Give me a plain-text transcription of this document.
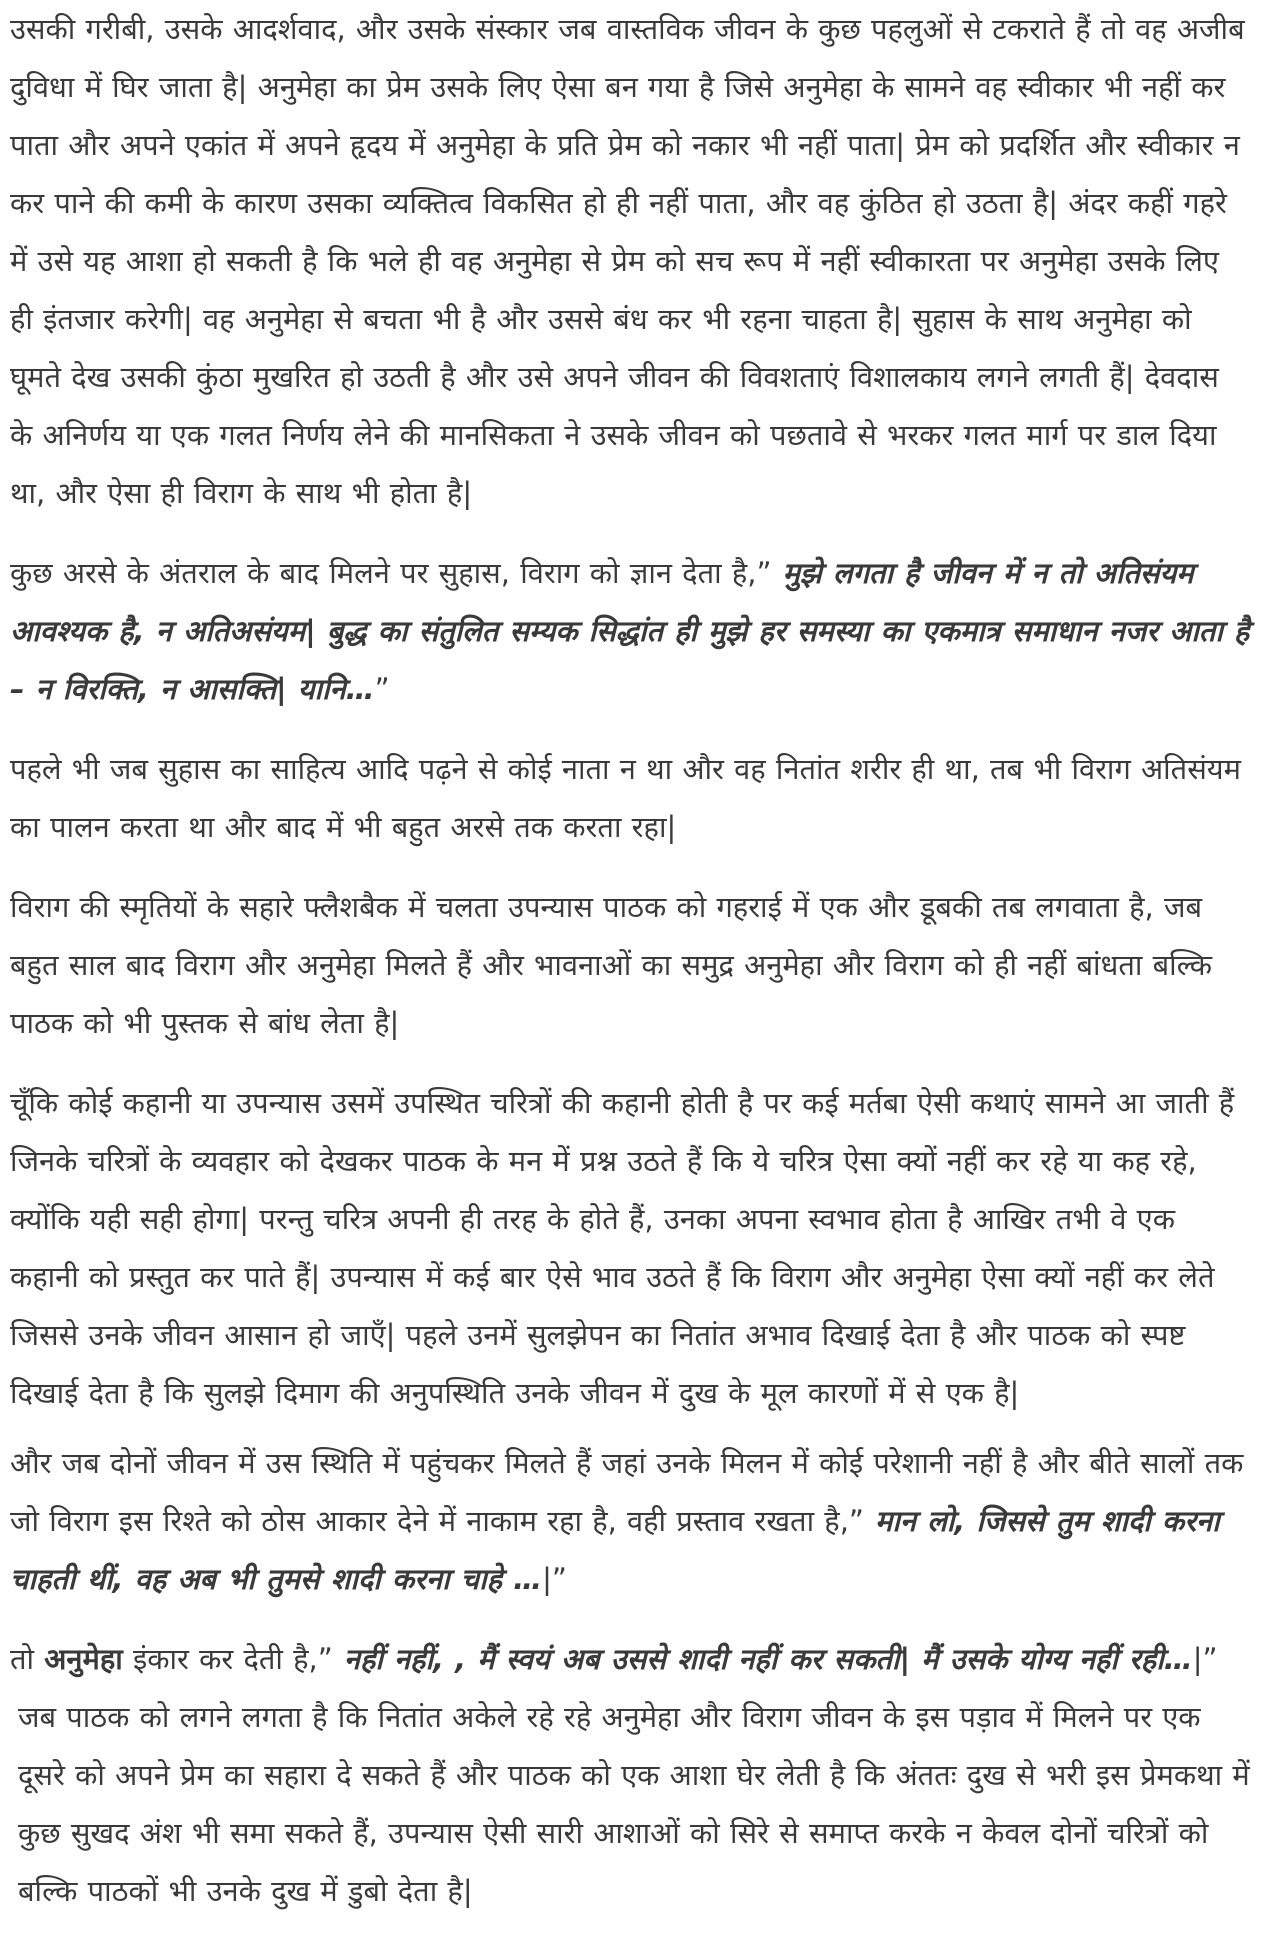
उसकी गरीबी, उसके आदर्शवाद, और उसके संस्कार जब वास्तविक जीवन के कुछ पहलुओं से टकराते हैं तो वह अजीब दुविधा में घिर जाता है| अनुमेहा का प्रेम उसके लिए ऐसा बन गया है जिसे अनुमेहा के सामने वह स्वीकार भी नहीं कर पाता और अपने एकांत में अपने हृदय में अनुमेहा के प्रति प्रेम को नकार भी नहीं पाता| प्रेम को प्रदर्शित और स्वीकार न कर पाने की कमी के कारण उसका व्यक्तित्व विकसित हो ही नहीं पाता, और वह कुंठित हो उठता है| अंदर कहीं गहरे में उसे यह आशा हो सकती है कि भले ही वह अनुमेहा से प्रेम को सच रूप में नहीं स्वीकारता पर अनुमेहा उसके लिए ही इंतजार करेगी| वह अनुमेहा से बचता भी है और उससे बंध कर भी रहना चाहता है| सुहास के साथ अनुमेहा को घूमते देख उसकी कुंठा मुखरित हो उठती है और उसे अपने जीवन की विवशताएं विशालकाय लगने लगती हैं| देवदास के अनिर्णय या एक गलत निर्णय लेने की मानसिकता ने उसके जीवन को पछतावे से भरकर गलत मार्ग पर डाल दिया था, और ऐसा ही विराग के साथ भी होता है|

कुछ अरसे के अंतराल के बाद मिलने पर सुहास, विराग को ज्ञान देता है,” मुझे लगता है जीवन में न तो अतिसंयम आवश्यक है, न अतिअसंयम| बुद्ध का संतुलित सम्यक सिद्धांत ही मुझे हर समस्या का एकमात्र समाधान नजर आता है – न विरक्ति, न आसक्ति| यानि…”

पहले भी जब सुहास का साहित्य आदि पढ़ने से कोई नाता न था और वह नितांत शरीर ही था, तब भी विराग अतिसंयम का पालन करता था और बाद में भी बहुत अरसे तक करता रहा|

विराग की स्मृतियों के सहारे फ्लैशबैक में चलता उपन्यास पाठक को गहराई में एक और डूबकी तब लगवाता है, जब बहुत साल बाद विराग और अनुमेहा मिलते हैं और भावनाओं का समुद्र अनुमेहा और विराग को ही नहीं बांधता बल्कि पाठक को भी पुस्तक से बांध लेता है|

चूँकि कोई कहानी या उपन्यास उसमें उपस्थित चरित्रों की कहानी होती है पर कई मर्तबा ऐसी कथाएं सामने आ जाती हैं जिनके चरित्रों के व्यवहार को देखकर पाठक के मन में प्रश्न उठते हैं कि ये चरित्र ऐसा क्यों नहीं कर रहे या कह रहे, क्योंकि यही सही होगा| परन्तु चरित्र अपनी ही तरह के होते हैं, उनका अपना स्वभाव होता है आखिर तभी वे एक कहानी को प्रस्तुत कर पाते हैं| उपन्यास में कई बार ऐसे भाव उठते हैं कि विराग और अनुमेहा ऐसा क्यों नहीं कर लेते जिससे उनके जीवन आसान हो जाएँ| पहले उनमें सुलझेपन का नितांत अभाव दिखाई देता है और पाठक को स्पष्ट दिखाई देता है कि सुलझे दिमाग की अनुपस्थिति उनके जीवन में दुख के मूल कारणों में से एक है|

और जब दोनों जीवन में उस स्थिति में पहुंचकर मिलते हैं जहां उनके मिलन में कोई परेशानी नहीं है और बीते सालों तक जो विराग इस रिश्ते को ठोस आकार देने में नाकाम रहा है, वही प्रस्ताव रखता है,” मान लो, जिससे तुम शादी करना चाहती थीं, वह अब भी तुमसे शादी करना चाहे …|”

तो अनुमेहा इंकार कर देती है,” नहीं नहीं, , मैं स्वयं अब उससे शादी नहीं कर सकती| मैं उसके योग्य नहीं रही…|”

जब पाठक को लगने लगता है कि नितांत अकेले रहे रहे अनुमेहा और विराग जीवन के इस पड़ाव में मिलने पर एक दूसरे को अपने प्रेम का सहारा दे सकते हैं और पाठक को एक आशा घेर लेती है कि अंततः दुख से भरी इस प्रेमकथा में कुछ सुखद अंश भी समा सकते हैं, उपन्यास ऐसी सारी आशाओं को सिरे से समाप्त करके न केवल दोनों चरित्रों को बल्कि पाठकों भी उनके दुख में डुबो देता है|
